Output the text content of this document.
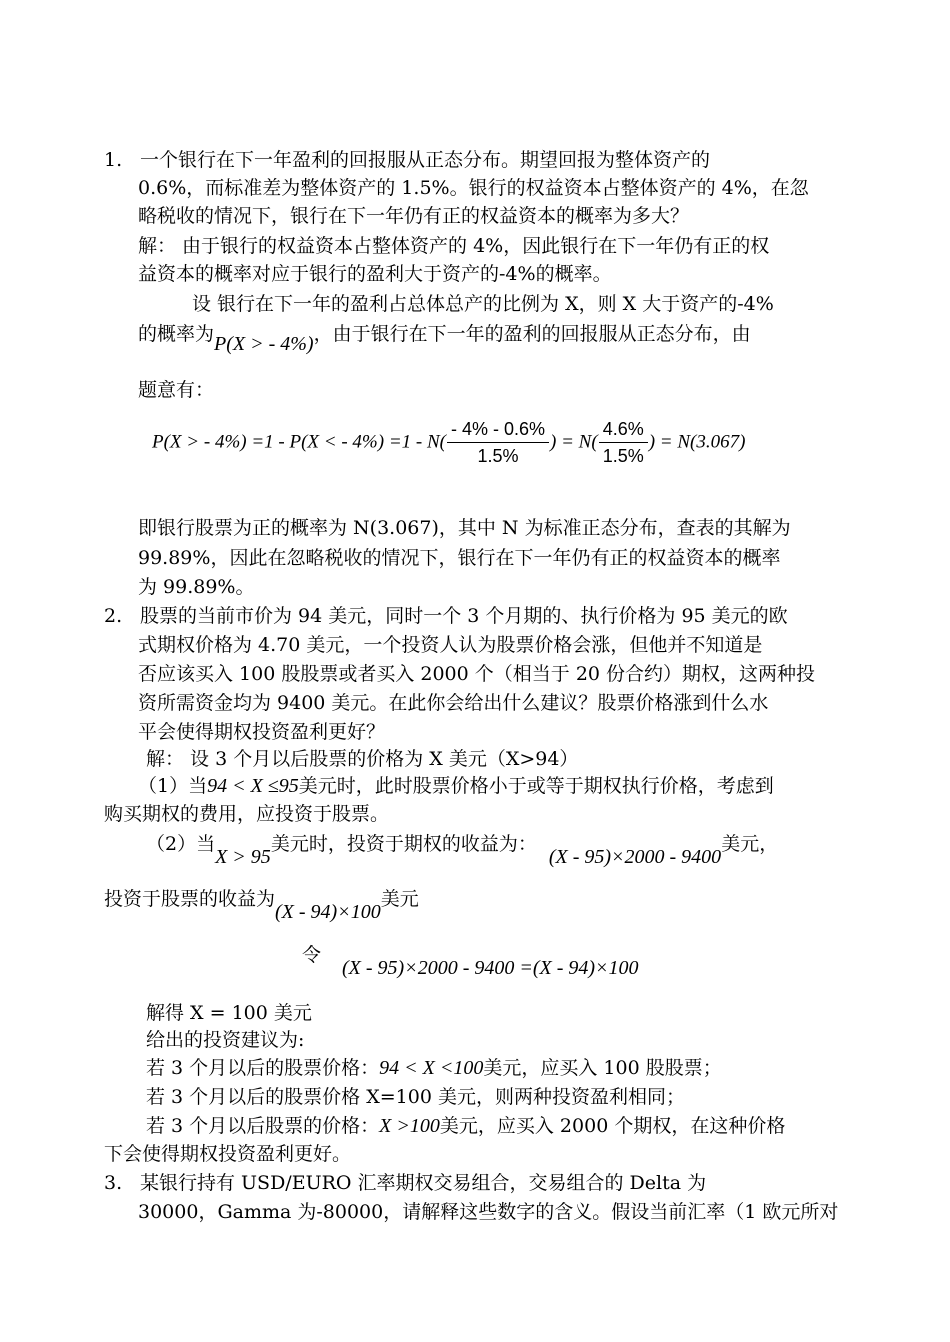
1. 一个银行在下一年盈利的回报服从正态分布。期望回报为整体资产的
0.6%，而标准差为整体资产的 1.5%。银行的权益资本占整体资产的 4%，在忽
略税收的情况下，银行在下一年仍有正的权益资本的概率为多大？
解： 由于银行的权益资本占整体资产的 4%，因此银行在下一年仍有正的权
益资本的概率对应于银行的盈利大于资产的-4%的概率。
设 银行在下一年的盈利占总体总产的比例为 X，则 X 大于资产的-4%
的概率为P(X > - 4%)，由于银行在下一年的盈利的回报服从正态分布，由
题意有：
P(X > - 4%) =1 - P(X < - $4\%) =1 - N( \frac{- 4\% - 0.6\%}{1.5\%}$ ) = $N( \frac{4.6\%}{1.5\%}$ ) = N(3.067)
即银行股票为正的概率为 N(3.067)，其中 N 为标准正态分布，查表的其解为
99.89%，因此在忽略税收的情况下，银行在下一年仍有正的权益资本的概率
为 99.89%。
2. 股票的当前市价为 94 美元，同时一个 3 个月期的、执行价格为 95 美元的欧
式期权价格为 4.70 美元，一个投资人认为股票价格会涨，但他并不知道是
否应该买入 100 股股票或者买入 2000 个（相当于 20 份合约）期权，这两种投
资所需资金均为 9400 美元。在此你会给出什么建议？股票价格涨到什么水
平会使得期权投资盈利更好？
解： 设 3 个月以后股票的价格为 X 美元（X>94）
（1）当94 < X ≤95美元时，此时股票价格小于或等于期权执行价格，考虑到
购买期权的费用，应投资于股票。
（2）当X > 95美元时，投资于期权的收益为：(X - 95)×2000 - 9400美元，
投资于股票的收益为(X - 94)×100美元
令
(X - 95)×2000 - 9400 =(X - 94)×100
解得 X = 100 美元
给出的投资建议为:
若 3 个月以后的股票价格：94 < X <100美元，应买入 100 股股票；
若 3 个月以后的股票价格 X=100 美元，则两种投资盈利相同；
若 3 个月以后股票的价格：X >100美元，应买入 2000 个期权，在这种价格
下会使得期权投资盈利更好。
3. 某银行持有 USD/EURO 汇率期权交易组合，交易组合的 Delta 为
30000，Gamma 为-80000，请解释这些数字的含义。假设当前汇率（1 欧元所对
